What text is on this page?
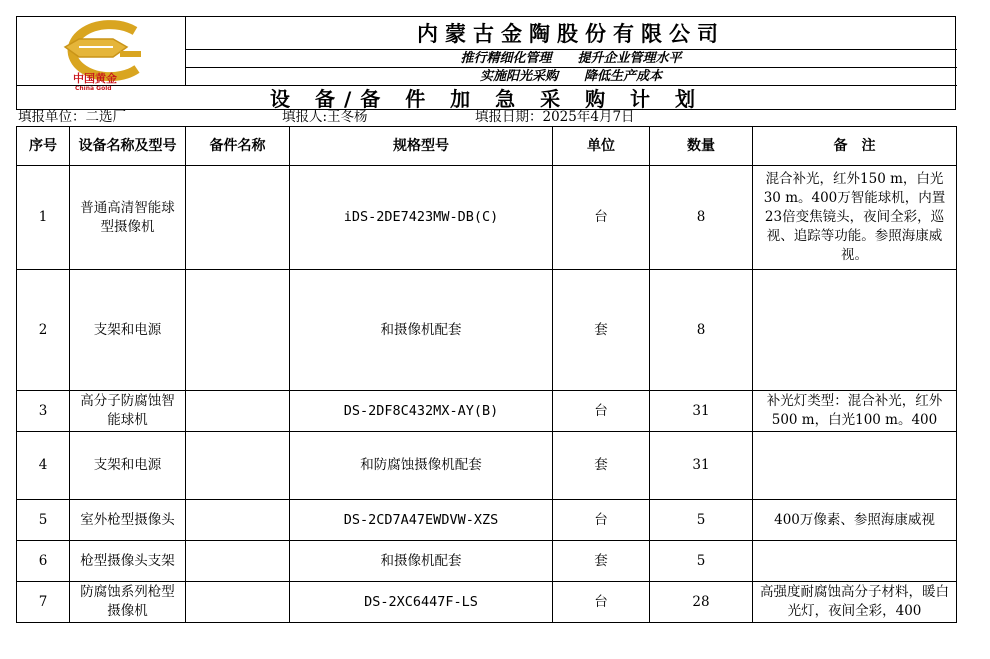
中国黄金
China Gold
内蒙古金陶股份有限公司
推行精细化管理　　提升企业管理水平
实施阳光采购　　降低生产成本
设 备/备 件 加 急 采 购 计 划
填报单位：二选厂	填报人:王冬杨	填报日期：2025年4月7日
序号	设备名称及型号	备件名称	规格型号	单位	数量	备　注
1	普通高清智能球型摄像机		iDS-2DE7423MW-DB(C)	台	8	混合补光，红外150 m，白光30 m。400万智能球机，内置23倍变焦镜头，夜间全彩，巡视、追踪等功能。参照海康威视。

2	支架和电源		和摄像机配套	套	8	
3	高分子防腐蚀智能球机		DS-2DF8C432MX-AY(B)	台	31	补光灯类型：混合补光，红外500 m，白光100 m。400

4	支架和电源		和防腐蚀摄像机配套	套	31	
5	室外枪型摄像头		DS-2CD7A47EWDVW-XZS	台	5	400万像素、参照海康威视
6	枪型摄像头支架		和摄像机配套	套	5	
7	防腐蚀系列枪型摄像机		DS-2XC6447F-LS	台	28	高强度耐腐蚀高分子材料，暖白光灯，夜间全彩，400
